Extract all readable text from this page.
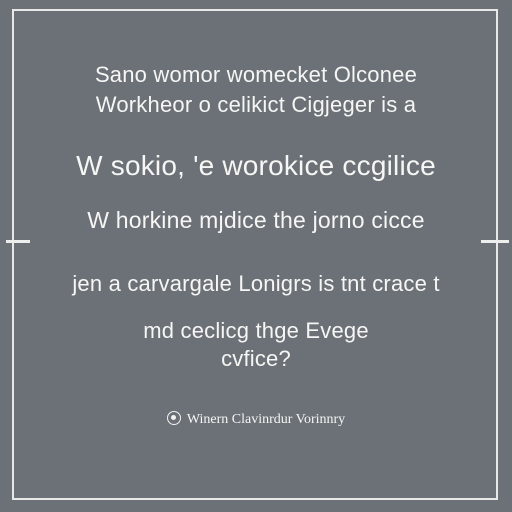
Sano womor womecket Olconee
Workheor o celikict Cigjeger is a
W sokio, 'e worokice ccgilice
W horkine mjdice the jorno cicce
jen a carvargale Lonigrs is tnt crace t
md ceclicg thge Evege
cvfice?
Winern Clavinrdur Vorinnry
